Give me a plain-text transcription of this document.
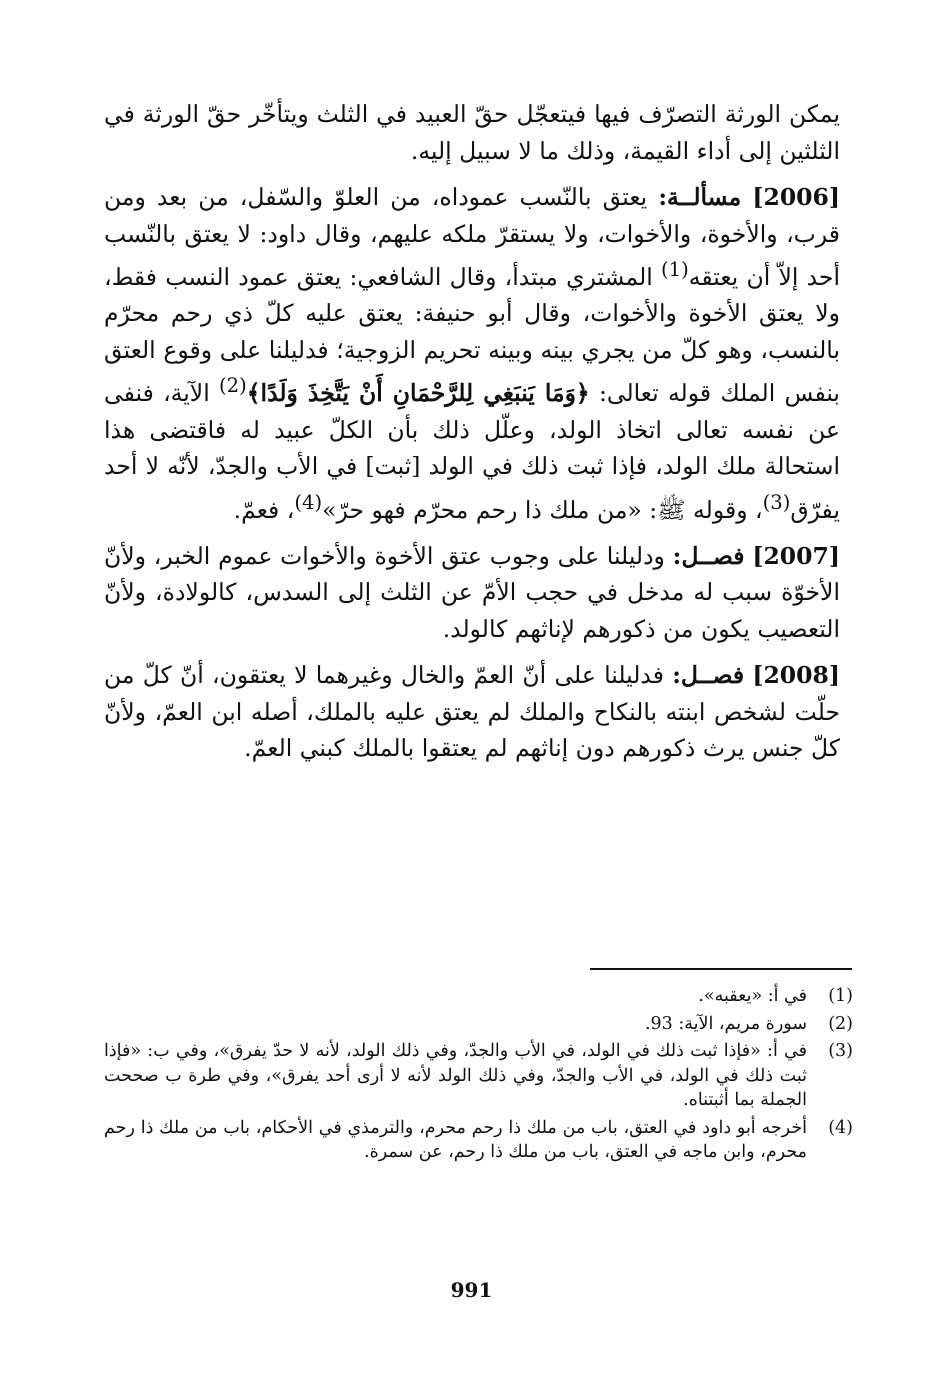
يمكن الورثة التصرّف فيها فيتعجّل حقّ العبيد في الثلث ويتأخّر حقّ الورثة في الثلثين إلى أداء القيمة، وذلك ما لا سبيل إليه.

[2006] مسألــة: يعتق بالنّسب عموداه، من العلوّ والسّفل، من بعد ومن قرب، والأخوة، والأخوات، ولا يستقرّ ملكه عليهم، وقال داود: لا يعتق بالنّسب أحد إلاّ أن يعتقه$^{(1)}$ المشتري مبتدأ، وقال الشافعي: يعتق عمود النسب فقط، ولا يعتق الأخوة والأخوات، وقال أبو حنيفة: يعتق عليه كلّ ذي رحم محرّم بالنسب، وهو كلّ من يجري بينه وبينه تحريم الزوجية؛ فدليلنا على وقوع العتق بنفس الملك قوله تعالى: ﴿وَمَا يَنبَغِي لِلرَّحْمَانِ أَنْ يَتَّخِذَ وَلَدًا﴾$^{(2)}$ الآية، فنفى عن نفسه تعالى اتخاذ الولد، وعلّل ذلك بأن الكلّ عبيد له فاقتضى هذا استحالة ملك الولد، فإذا ثبت ذلك في الولد [ثبت] في الأب والجدّ، لأنّه لا أحد يفرّق$^{(3)}$، وقوله ﷺ: «من ملك ذا رحم محرّم فهو حرّ»$^{(4)}$، فعمّ.

[2007] فصــل: ودليلنا على وجوب عتق الأخوة والأخوات عموم الخبر، ولأنّ الأخوّة سبب له مدخل في حجب الأمّ عن الثلث إلى السدس، كالولادة، ولأنّ التعصيب يكون من ذكورهم لإناثهم كالولد.

[2008] فصــل: فدليلنا على أنّ العمّ والخال وغيرهما لا يعتقون، أنّ كلّ من حلّت لشخص ابنته بالنكاح والملك لم يعتق عليه بالملك، أصله ابن العمّ، ولأنّ كلّ جنس يرث ذكورهم دون إناثهم لم يعتقوا بالملك كبني العمّ.

(1)
في أ: «يعقبه».
(2)
سورة مريم، الآية: 93.
(3)
في أ: «فإذا ثبت ذلك في الولد، في الأب والجدّ، وفي ذلك الولد، لأنه لا حدّ يفرق»، وفي ب: «فإذا ثبت ذلك في الولد، في الأب والجدّ، وفي ذلك الولد لأنه لا أرى أحد يفرق»، وفي طرة ب صححت الجملة بما أثبتناه.
(4)
أخرجه أبو داود في العتق، باب من ملك ذا رحم محرم، والترمذي في الأحكام، باب من ملك ذا رحم محرم، وابن ماجه في العتق، باب من ملك ذا رحم، عن سمرة.
991
